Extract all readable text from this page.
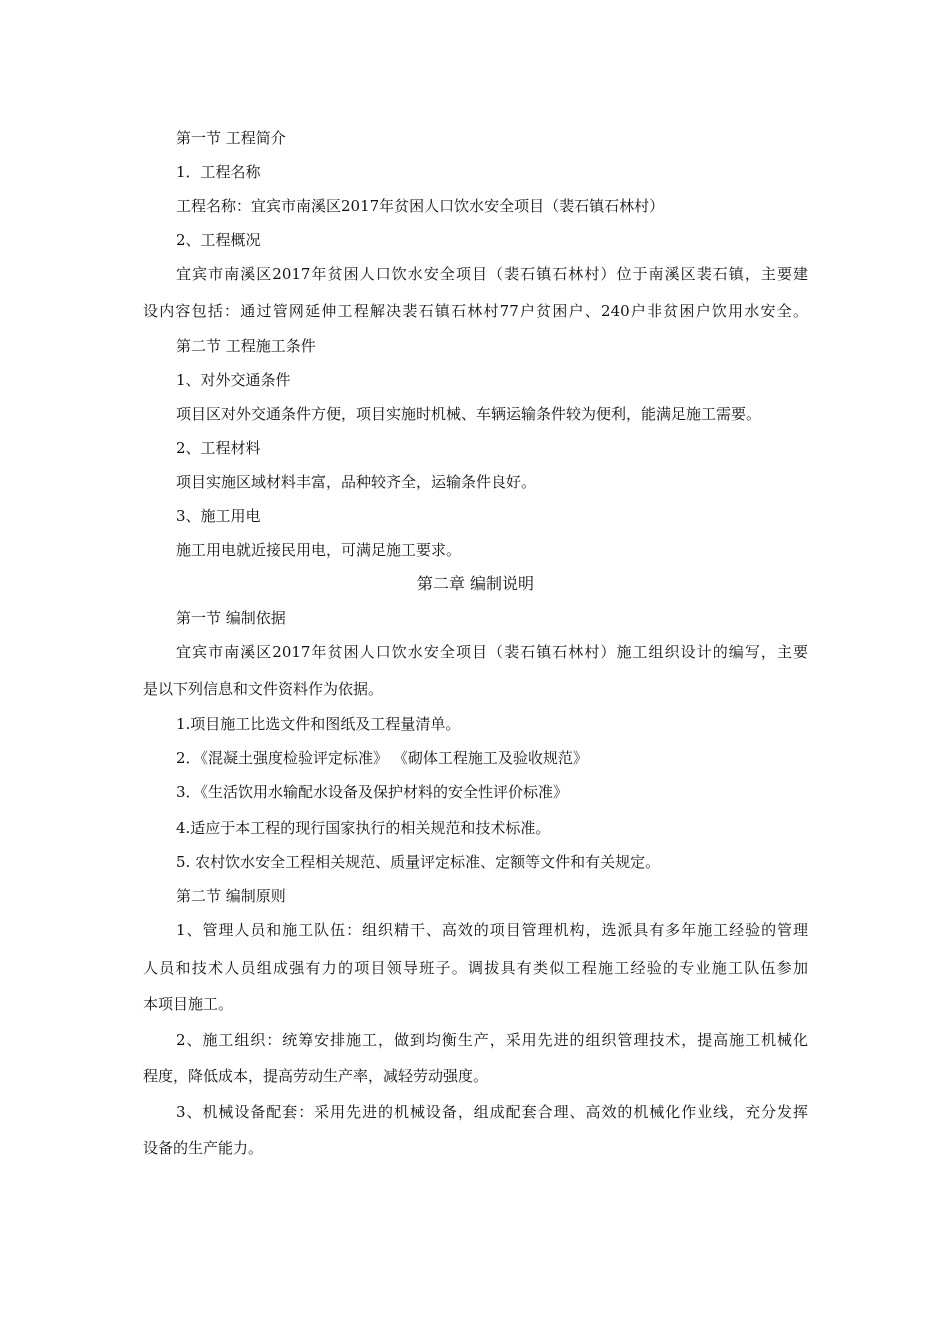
第一节 工程简介
1．工程名称
工程名称：宜宾市南溪区2017年贫困人口饮水安全项目（裴石镇石林村）
2、工程概况
宜宾市南溪区2017年贫困人口饮水安全项目（裴石镇石林村）位于南溪区裴石镇，主要建
设内容包括：通过管网延伸工程解决裴石镇石林村77户贫困户、240户非贫困户饮用水安全。
第二节 工程施工条件
1、对外交通条件
项目区对外交通条件方便，项目实施时机械、车辆运输条件较为便利，能满足施工需要。
2、工程材料
项目实施区域材料丰富，品种较齐全，运输条件良好。
3、施工用电
施工用电就近接民用电，可满足施工要求。
第二章 编制说明
第一节 编制依据
宜宾市南溪区2017年贫困人口饮水安全项目（裴石镇石林村）施工组织设计的编写，主要
是以下列信息和文件资料作为依据。
1.项目施工比选文件和图纸及工程量清单。
2．《混凝土强度检验评定标准》 《砌体工程施工及验收规范》
3．《生活饮用水输配水设备及保护材料的安全性评价标准》
4.适应于本工程的现行国家执行的相关规范和技术标准。
5. 农村饮水安全工程相关规范、质量评定标准、定额等文件和有关规定。
第二节 编制原则
1、管理人员和施工队伍：组织精干、高效的项目管理机构，选派具有多年施工经验的管理
人员和技术人员组成强有力的项目领导班子。调拔具有类似工程施工经验的专业施工队伍参加
本项目施工。
2、施工组织：统筹安排施工，做到均衡生产，采用先进的组织管理技术，提高施工机械化
程度，降低成本，提高劳动生产率，减轻劳动强度。
3、机械设备配套：采用先进的机械设备，组成配套合理、高效的机械化作业线，充分发挥
设备的生产能力。
